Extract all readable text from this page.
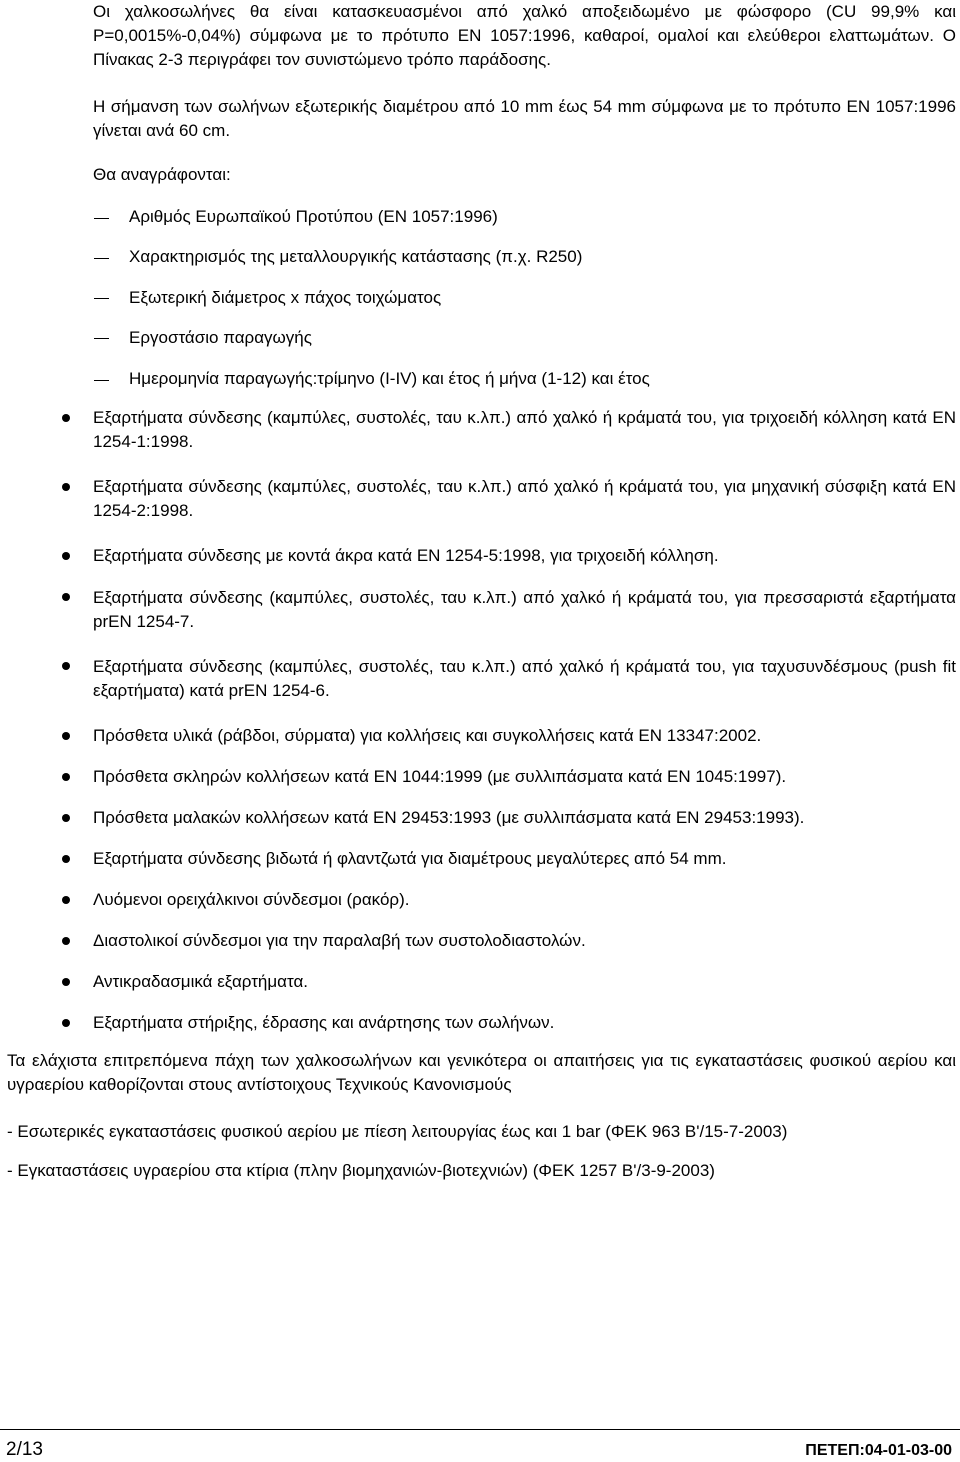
Οι χαλκοσωλήνες θα είναι κατασκευασμένοι από χαλκό αποξειδωμένο με φώσφορο (CU 99,9% και P=0,0015%-0,04%) σύμφωνα με το πρότυπο EN 1057:1996, καθαροί, ομαλοί και ελεύθεροι ελαττωμάτων. Ο Πίνακας 2-3 περιγράφει τον συνιστώμενο τρόπο παράδοσης.

Η σήμανση των σωλήνων εξωτερικής διαμέτρου από 10 mm έως 54 mm σύμφωνα με το πρότυπο EN 1057:1996 γίνεται ανά 60 cm.

Θα αναγράφονται:

Αριθμός Ευρωπαϊκού Προτύπου (EN 1057:1996)

Χαρακτηρισμός της μεταλλουργικής κατάστασης (π.χ. R250)

Εξωτερική διάμετρος x πάχος τοιχώματος

Εργοστάσιο παραγωγής

Ημερομηνία παραγωγής:τρίμηνο (I-IV) και έτος ή μήνα (1-12) και έτος

Εξαρτήματα σύνδεσης (καμπύλες, συστολές, ταυ κ.λπ.) από χαλκό ή κράματά του, για τριχοειδή κόλληση κατά EN 1254-1:1998.

Εξαρτήματα σύνδεσης (καμπύλες, συστολές, ταυ κ.λπ.) από χαλκό ή κράματά του, για μηχανική σύσφιξη κατά EN 1254-2:1998.

Εξαρτήματα σύνδεσης με κοντά άκρα κατά EN 1254-5:1998, για τριχοειδή κόλληση.

Εξαρτήματα σύνδεσης (καμπύλες, συστολές, ταυ κ.λπ.) από χαλκό ή κράματά του, για πρεσσαριστά εξαρτήματα prEN 1254-7.

Εξαρτήματα σύνδεσης (καμπύλες, συστολές, ταυ κ.λπ.) από χαλκό ή κράματά του, για ταχυσυνδέσμους (push fit εξαρτήματα) κατά prEN 1254-6.

Πρόσθετα υλικά (ράβδοι, σύρματα) για κολλήσεις και συγκολλήσεις κατά EN 13347:2002.

Πρόσθετα σκληρών κολλήσεων κατά EN 1044:1999 (με συλλιπάσματα κατά EN 1045:1997).

Πρόσθετα μαλακών κολλήσεων κατά EN 29453:1993 (με συλλιπάσματα κατά EN 29453:1993).

Εξαρτήματα σύνδεσης βιδωτά ή φλαντζωτά για διαμέτρους μεγαλύτερες από 54 mm.

Λυόμενοι ορειχάλκινοι σύνδεσμοι (ρακόρ).

Διαστολικοί σύνδεσμοι για την παραλαβή των συστολοδιαστολών.

Αντικραδασμικά εξαρτήματα.

Εξαρτήματα στήριξης, έδρασης και ανάρτησης των σωλήνων.

Τα ελάχιστα επιτρεπόμενα πάχη των χαλκοσωλήνων και γενικότερα οι απαιτήσεις για τις εγκαταστάσεις φυσικού αερίου και υγραερίου καθορίζονται στους αντίστοιχους Τεχνικούς Κανονισμούς

- Εσωτερικές εγκαταστάσεις φυσικού αερίου με πίεση λειτουργίας έως και 1 bar (ΦΕΚ 963 Β'/15-7-2003)

- Εγκαταστάσεις υγραερίου στα κτίρια (πλην βιομηχανιών-βιοτεχνιών) (ΦΕΚ 1257 Β'/3-9-2003)

2/13	ΠΕΤΕΠ:04-01-03-00
